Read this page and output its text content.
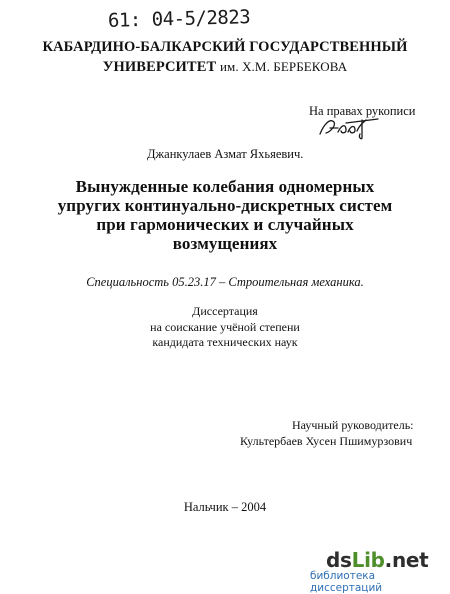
61: 04-5/2823
КАБАРДИНО-БАЛКАРСКИЙ ГОСУДАРСТВЕННЫЙ
УНИВЕРСИТЕТ им. Х.М. БЕРБЕКОВА
На правах рукописи
Джанкулаев Азмат Яхьяевич.
Вынужденные колебания одномерных
упругих континуально-дискретных систем
при гармонических и случайных
возмущениях
Специальность 05.23.17 – Строительная механика.
Диссертация
на соискание учёной степени
кандидата технических наук
Научный руководитель:
Культербаев Хусен Пшимурзович
Нальчик – 2004
dsLib.net
библиотека диссертаций
